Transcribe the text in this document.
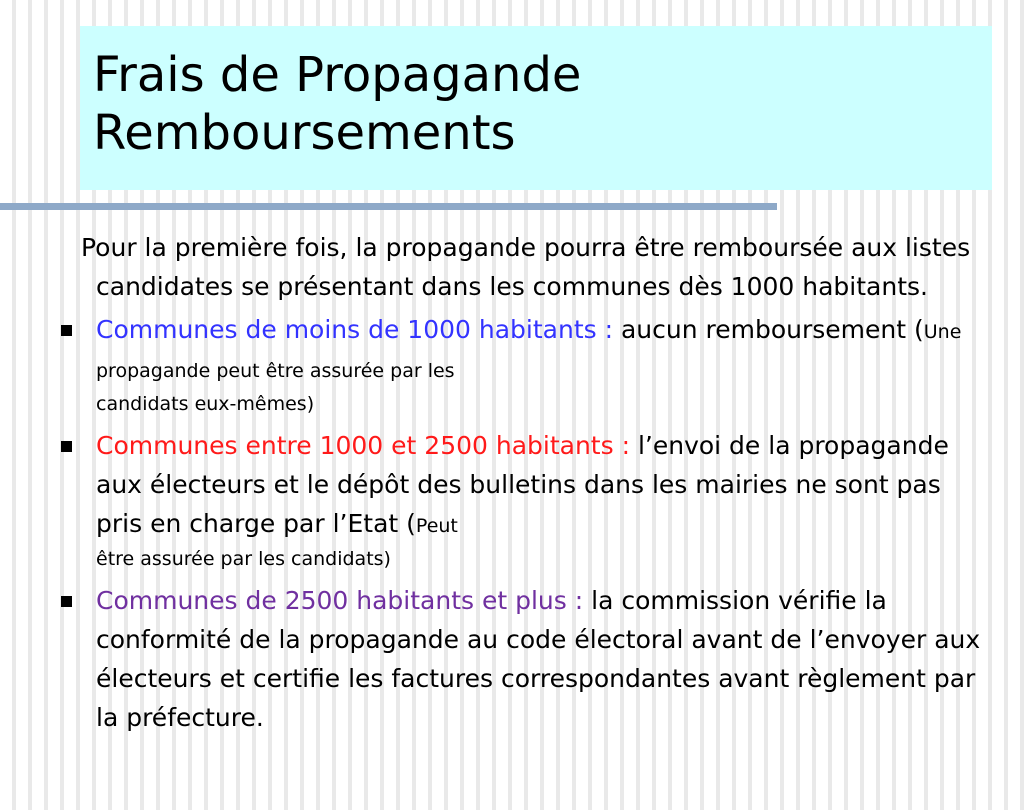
Frais de Propagande
Remboursements

Pour la première fois, la propagande pourra être remboursée aux listes candidates se présentant dans les communes dès 1000 habitants.

Communes de moins de 1000 habitants : aucun remboursement (Une propagande peut être assurée par les
candidats eux-mêmes)
Communes entre 1000 et 2500 habitants : l’envoi de la propagande aux électeurs et le dépôt des bulletins dans les mairies ne sont pas pris en charge par l’Etat (Peut
être assurée par les candidats)
Communes de 2500 habitants et plus : la commission vérifie la conformité de la propagande au code électoral avant de l’envoyer aux électeurs et certifie les factures correspondantes avant règlement par la préfecture.
